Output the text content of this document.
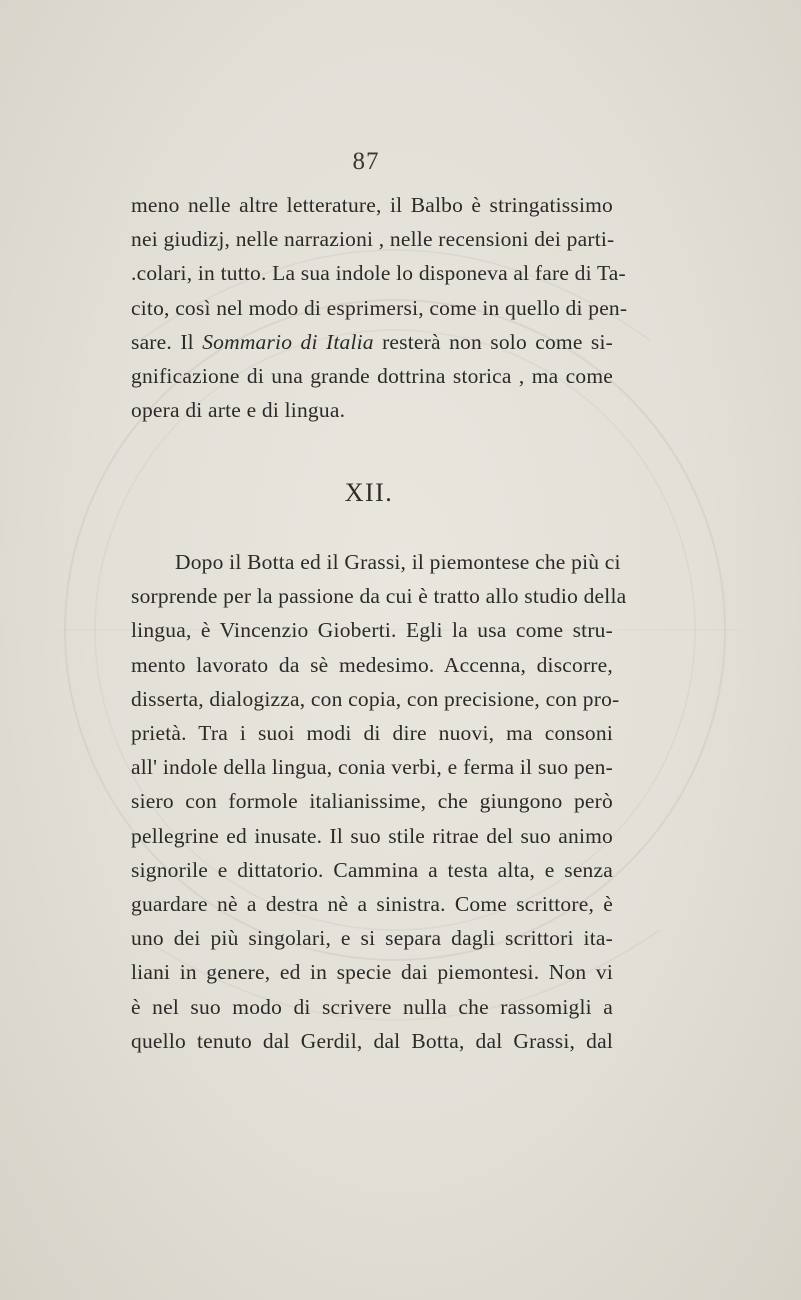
87
meno nelle altre letterature, il Balbo è stringatissimo
nei giudizj, nelle narrazioni , nelle recensioni dei parti-
.colari, in tutto. La sua indole lo disponeva al fare di Ta-
cito, così nel modo di esprimersi, come in quello di pen-
sare. Il Sommario di Italia resterà non solo come si-
gnificazione di una grande dottrina storica , ma come
opera di arte e di lingua.
XII.
Dopo il Botta ed il Grassi, il piemontese che più ci
sorprende per la passione da cui è tratto allo studio della
lingua, è Vincenzio Gioberti. Egli la usa come stru-
mento lavorato da sè medesimo. Accenna, discorre,
disserta, dialogizza, con copia, con precisione, con pro-
prietà. Tra i suoi modi di dire nuovi, ma consoni
all' indole della lingua, conia verbi, e ferma il suo pen-
siero con formole italianissime, che giungono però
pellegrine ed inusate. Il suo stile ritrae del suo animo
signorile e dittatorio. Cammina a testa alta, e senza
guardare nè a destra nè a sinistra. Come scrittore, è
uno dei più singolari, e si separa dagli scrittori ita-
liani in genere, ed in specie dai piemontesi. Non vi
è nel suo modo di scrivere nulla che rassomigli a
quello tenuto dal Gerdil, dal Botta, dal Grassi, dal
